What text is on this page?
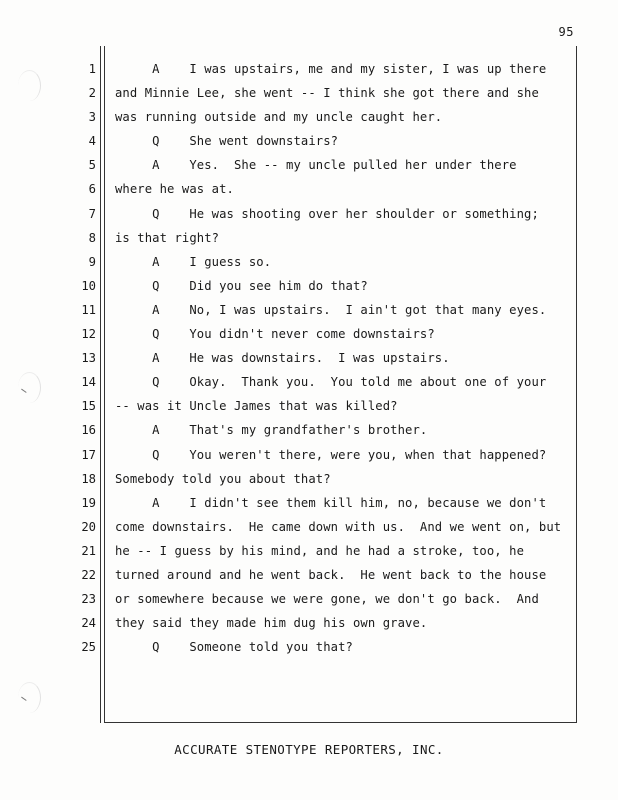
95
1 A    I was upstairs, me and my sister, I was up there
2 and Minnie Lee, she went -- I think she got there and she
3 was running outside and my uncle caught her.
4 Q    She went downstairs?
5 A    Yes.  She -- my uncle pulled her under there
6 where he was at.
7 Q    He was shooting over her shoulder or something;
8 is that right?
9 A    I guess so.
10 Q    Did you see him do that?
11 A    No, I was upstairs.  I ain't got that many eyes.
12 Q    You didn't never come downstairs?
13 A    He was downstairs.  I was upstairs.
14 Q    Okay.  Thank you.  You told me about one of your
15 -- was it Uncle James that was killed?
16 A    That's my grandfather's brother.
17 Q    You weren't there, were you, when that happened?
18 Somebody told you about that?
19 A    I didn't see them kill him, no, because we don't
20 come downstairs.  He came down with us.  And we went on, but
21 he -- I guess by his mind, and he had a stroke, too, he
22 turned around and he went back.  He went back to the house
23 or somewhere because we were gone, we don't go back.  And
24 they said they made him dug his own grave.
25 Q    Someone told you that?
ACCURATE STENOTYPE REPORTERS, INC.
